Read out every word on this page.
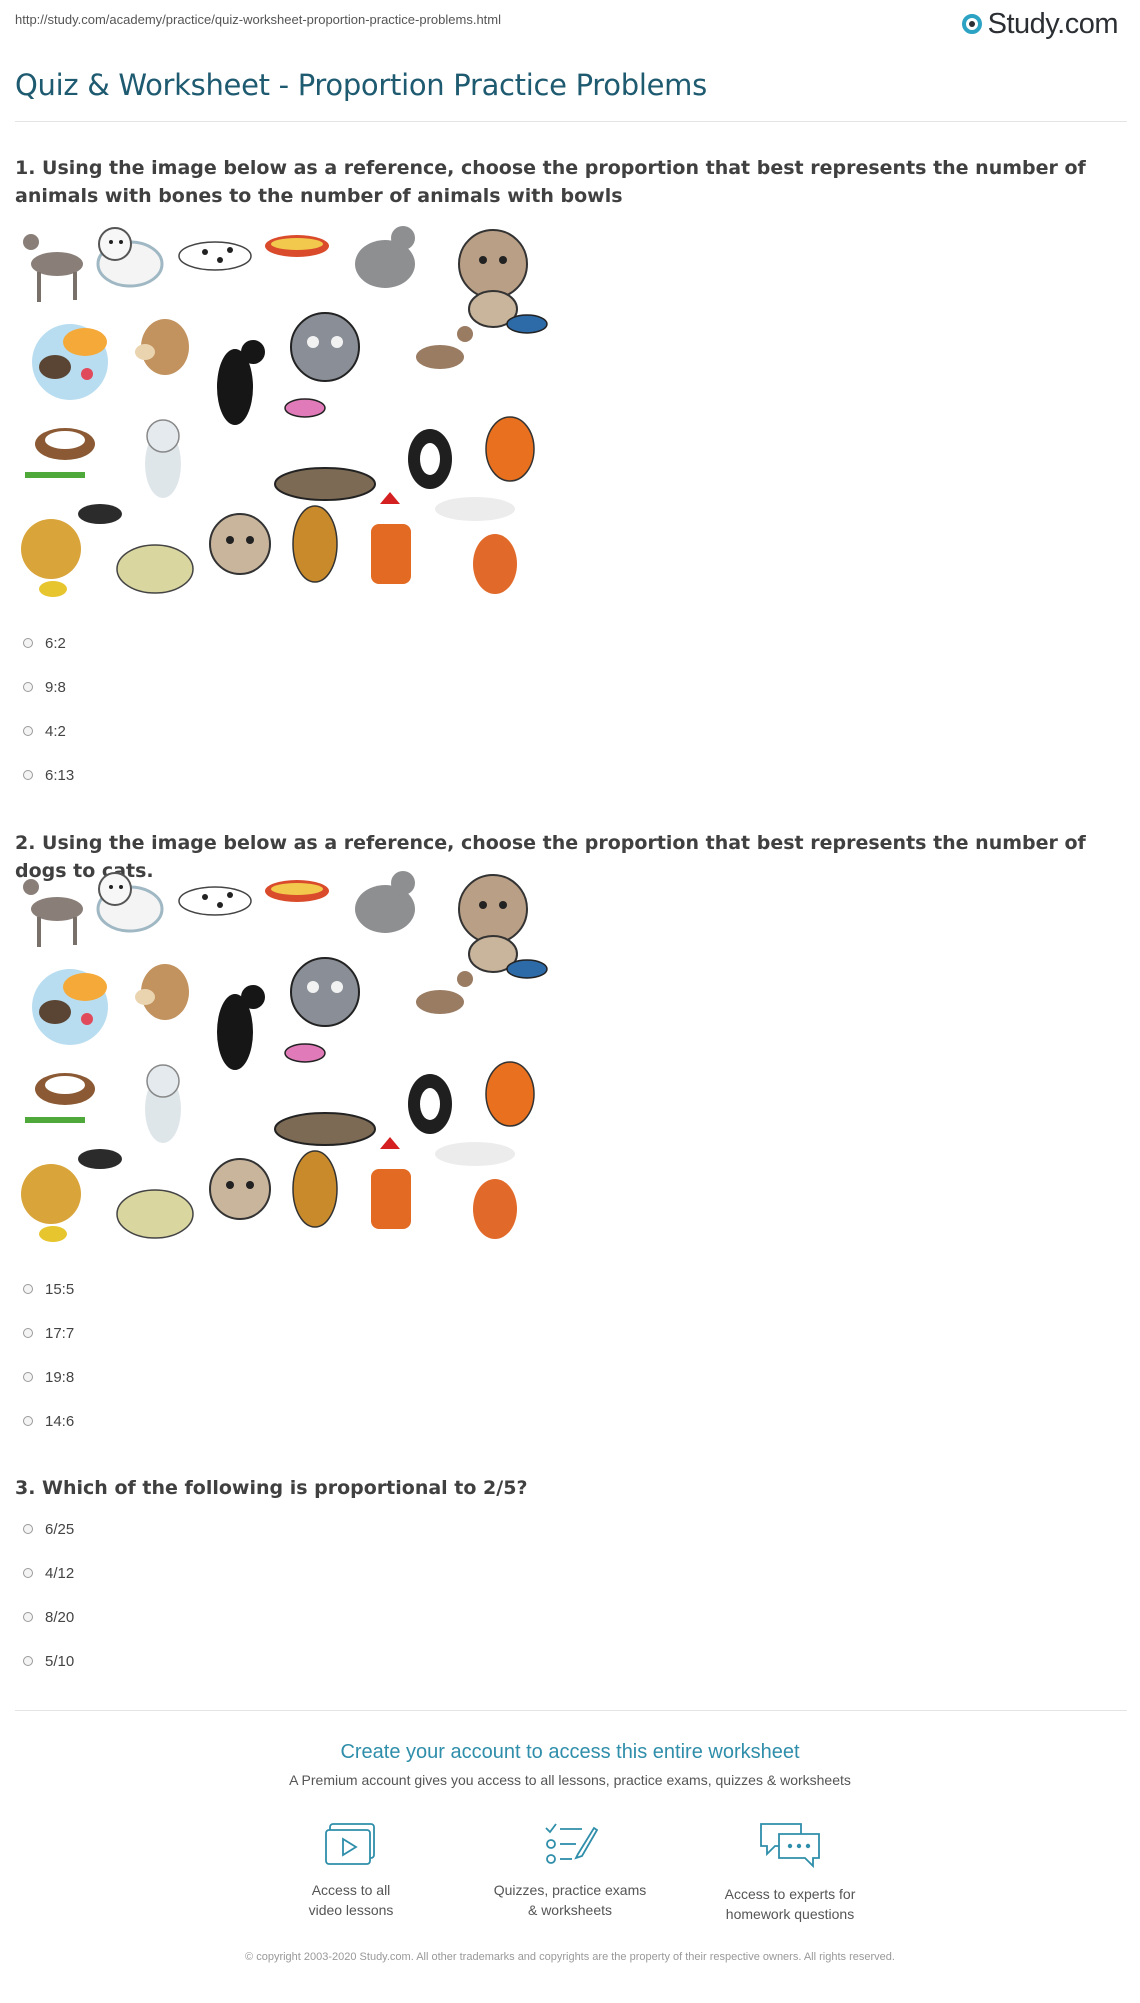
http://study.com/academy/practice/quiz-worksheet-proportion-practice-problems.html	Study.com
Quiz & Worksheet - Proportion Practice Problems

1. Using the image below as a reference, choose the proportion that best represents the number of animals with bones to the number of animals with bowls

6:2
9:8
4:2
6:13

2. Using the image below as a reference, choose the proportion that best represents the number of dogs to cats.

15:5
17:7
19:8
14:6

3. Which of the following is proportional to 2/5?

6/25
4/12
8/20
5/10
Create your account to access this entire worksheet
A Premium account gives you access to all lessons, practice exams, quizzes & worksheets
Access to all
video lessons
Quizzes, practice exams
& worksheets
Access to experts for
homework questions
© copyright 2003-2020 Study.com. All other trademarks and copyrights are the property of their respective owners. All rights reserved.
